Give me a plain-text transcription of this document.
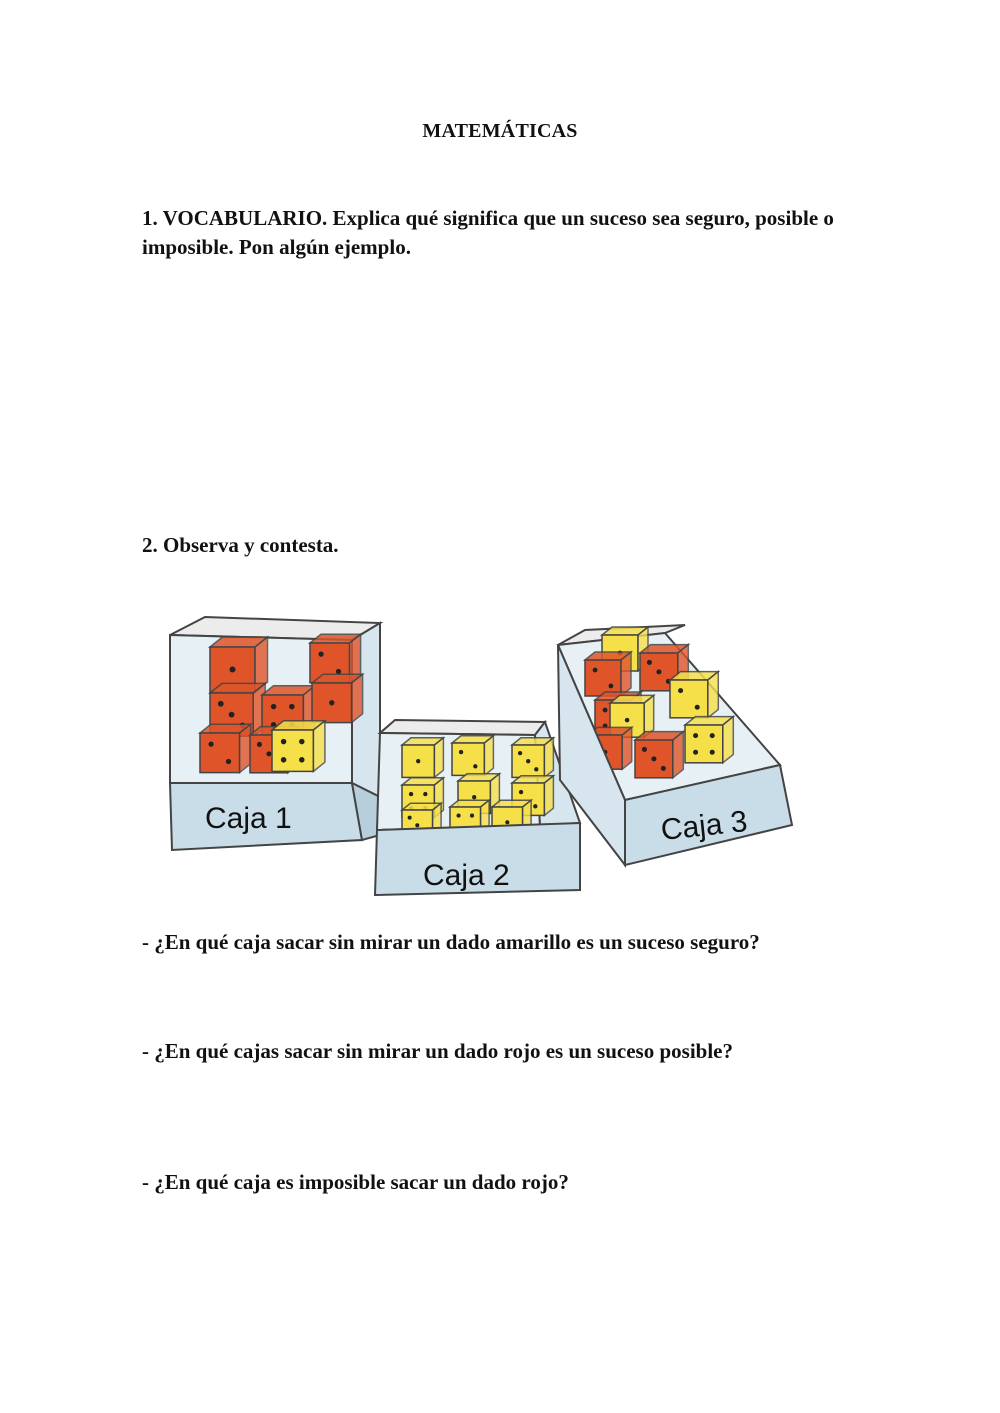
MATEMÁTICAS
1. VOCABULARIO. Explica qué significa que un suceso sea seguro, posible o imposible. Pon algún ejemplo.
2. Observa y contesta.
Caja 1
Caja 2
Caja 3
- ¿En qué caja sacar sin mirar un dado amarillo es un suceso seguro?
- ¿En qué cajas sacar sin mirar un dado rojo es un suceso posible?
- ¿En qué caja es imposible sacar un dado rojo?
